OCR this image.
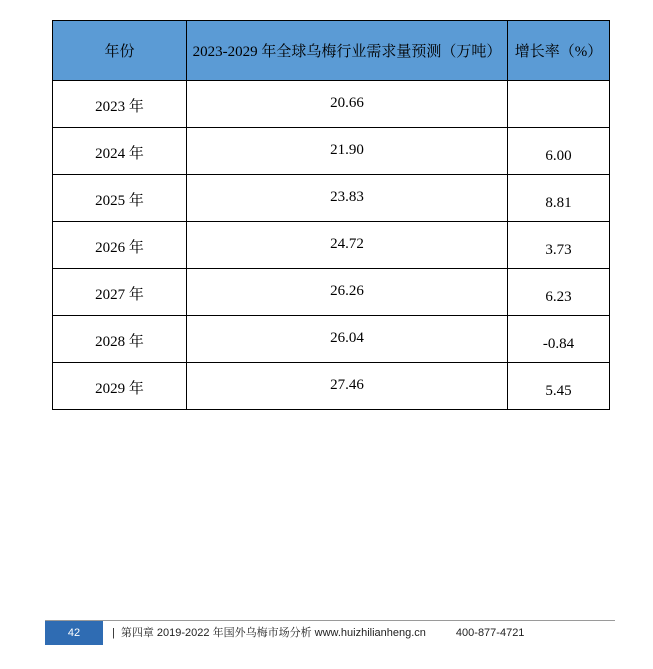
年份	2023-2029 年全球乌梅行业需求量预测（万吨）	增长率（%）
2023 年	20.66	
2024 年	21.90	6.00
2025 年	23.83	8.81
2026 年	24.72	3.73
2027 年	26.26	6.23
2028 年	26.04	-0.84
2029 年	27.46	5.45
42	| 第四章 2019-2022 年国外乌梅市场分析 www.huizhilianheng.cn	400-877-4721
